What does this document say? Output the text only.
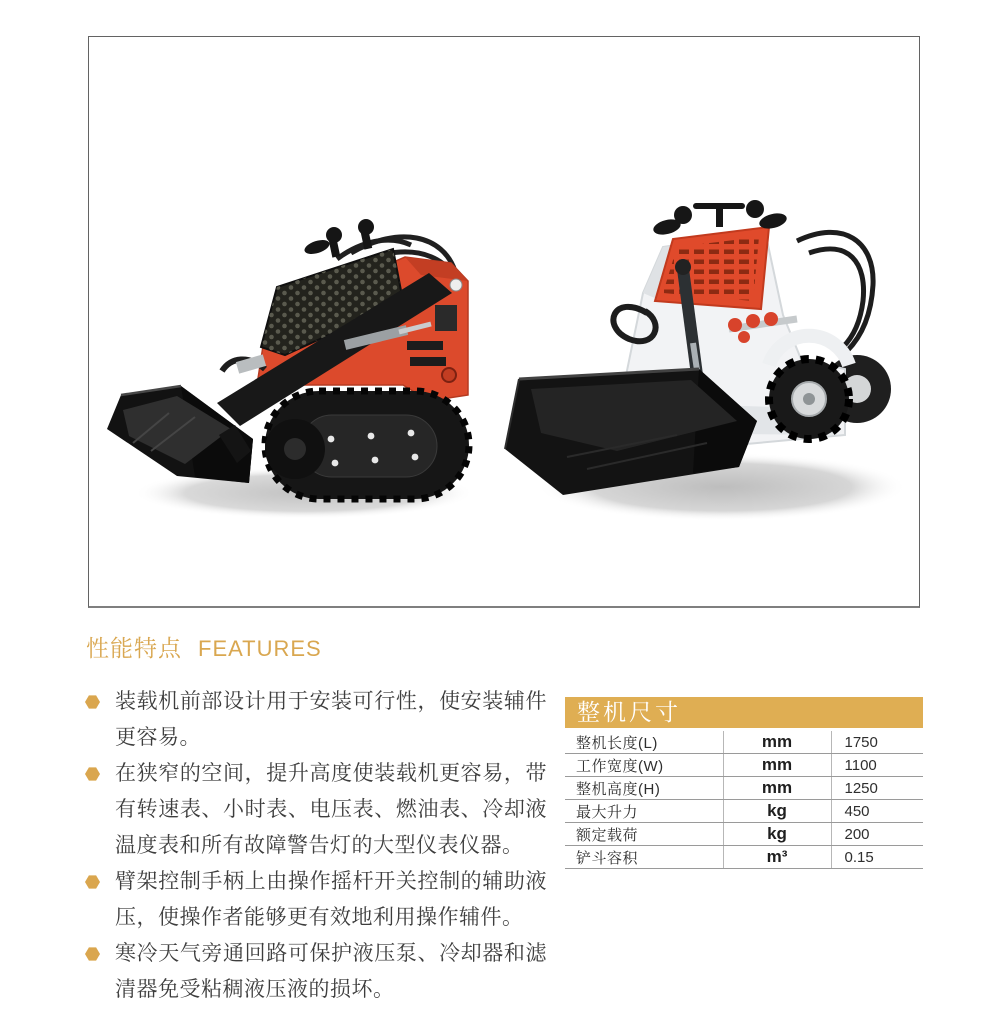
性能特点 FEATURES
装载机前部设计用于安装可行性，使安装辅件更容易。
在狭窄的空间，提升高度使装载机更容易，带有转速表、小时表、电压表、燃油表、冷却液温度表和所有故障警告灯的大型仪表仪器。
臂架控制手柄上由操作摇杆开关控制的辅助液压，使操作者能够更有效地利用操作辅件。
寒冷天气旁通回路可保护液压泵、冷却器和滤清器免受粘稠液压液的损坏。
整机尺寸
整机长度(L)	mm	1750
工作宽度(W)	mm	1100
整机高度(H)	mm	1250
最大升力	kg	450
额定载荷	kg	200
铲斗容积	m³	0.15
